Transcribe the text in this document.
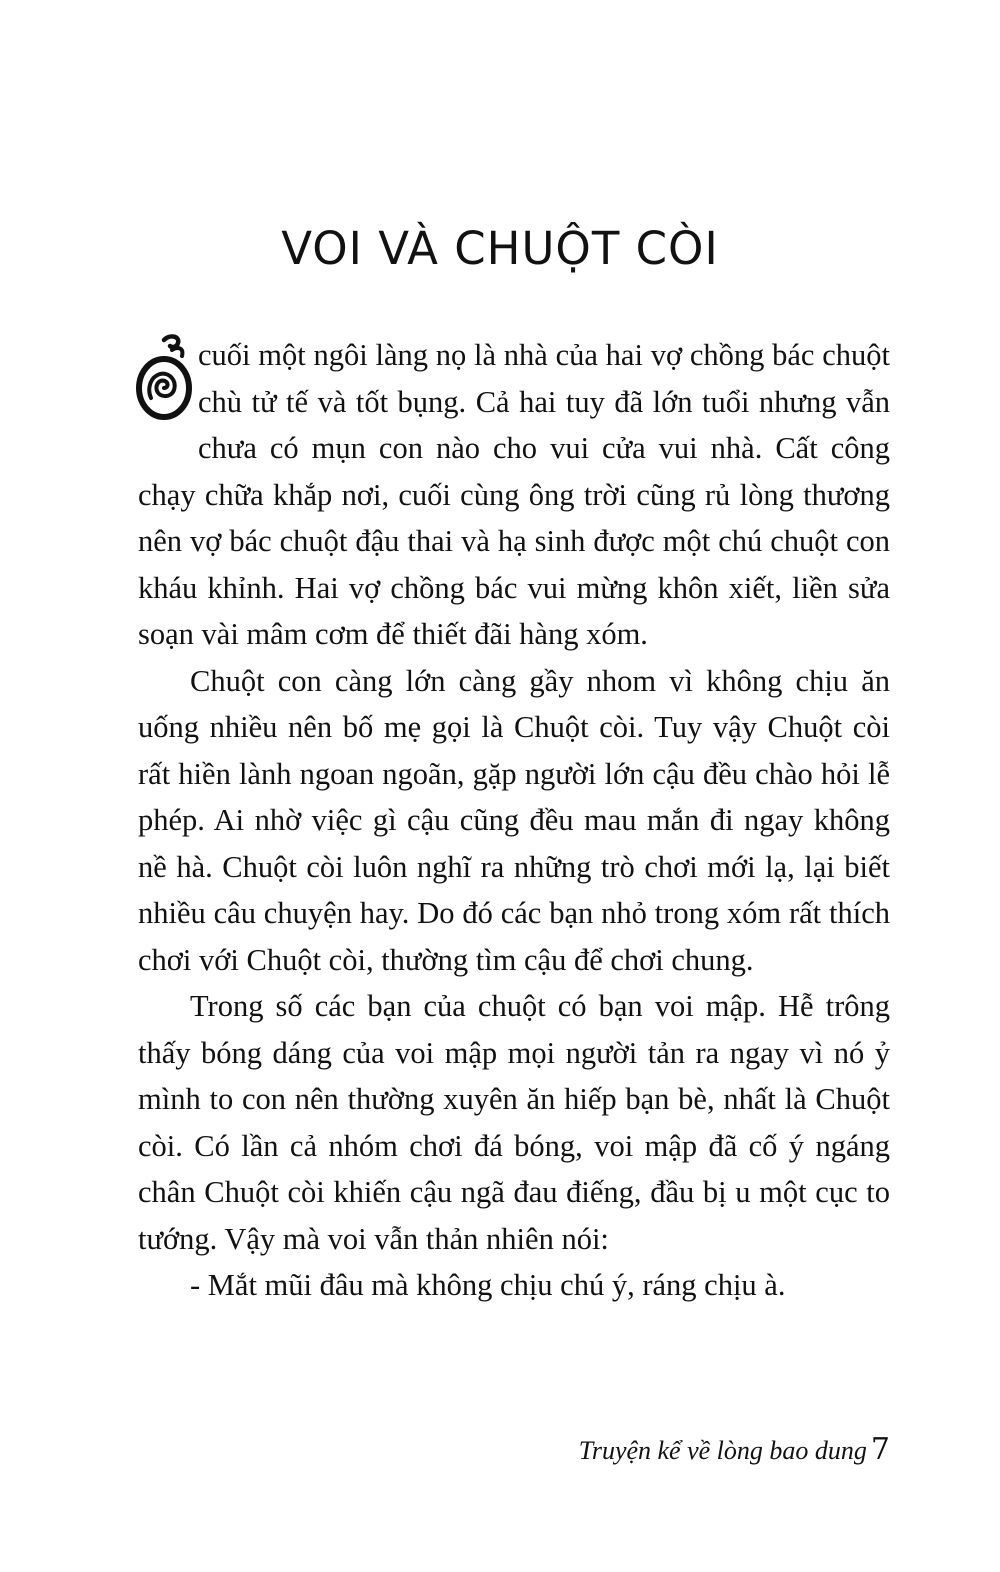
VOI VÀ CHUỘT CÒI

cuối một ngôi làng nọ là nhà của hai vợ chồng bác chuột chù tử tế và tốt bụng. Cả hai tuy đã lớn tuổi nhưng vẫn chưa có mụn con nào cho vui cửa vui nhà. Cất công chạy chữa khắp nơi, cuối cùng ông trời cũng rủ lòng thương nên vợ bác chuột đậu thai và hạ sinh được một chú chuột con kháu khỉnh. Hai vợ chồng bác vui mừng khôn xiết, liền sửa soạn vài mâm cơm để thiết đãi hàng xóm.

Chuột con càng lớn càng gầy nhom vì không chịu ăn uống nhiều nên bố mẹ gọi là Chuột còi. Tuy vậy Chuột còi rất hiền lành ngoan ngoãn, gặp người lớn cậu đều chào hỏi lễ phép. Ai nhờ việc gì cậu cũng đều mau mắn đi ngay không nề hà. Chuột còi luôn nghĩ ra những trò chơi mới lạ, lại biết nhiều câu chuyện hay. Do đó các bạn nhỏ trong xóm rất thích chơi với Chuột còi, thường tìm cậu để chơi chung.

Trong số các bạn của chuột có bạn voi mập. Hễ trông thấy bóng dáng của voi mập mọi người tản ra ngay vì nó ỷ mình to con nên thường xuyên ăn hiếp bạn bè, nhất là Chuột còi. Có lần cả nhóm chơi đá bóng, voi mập đã cố ý ngáng chân Chuột còi khiến cậu ngã đau điếng, đầu bị u một cục to tướng. Vậy mà voi vẫn thản nhiên nói:

- Mắt mũi đâu mà không chịu chú ý, ráng chịu à.

Truyện kể về lòng bao dung 7
